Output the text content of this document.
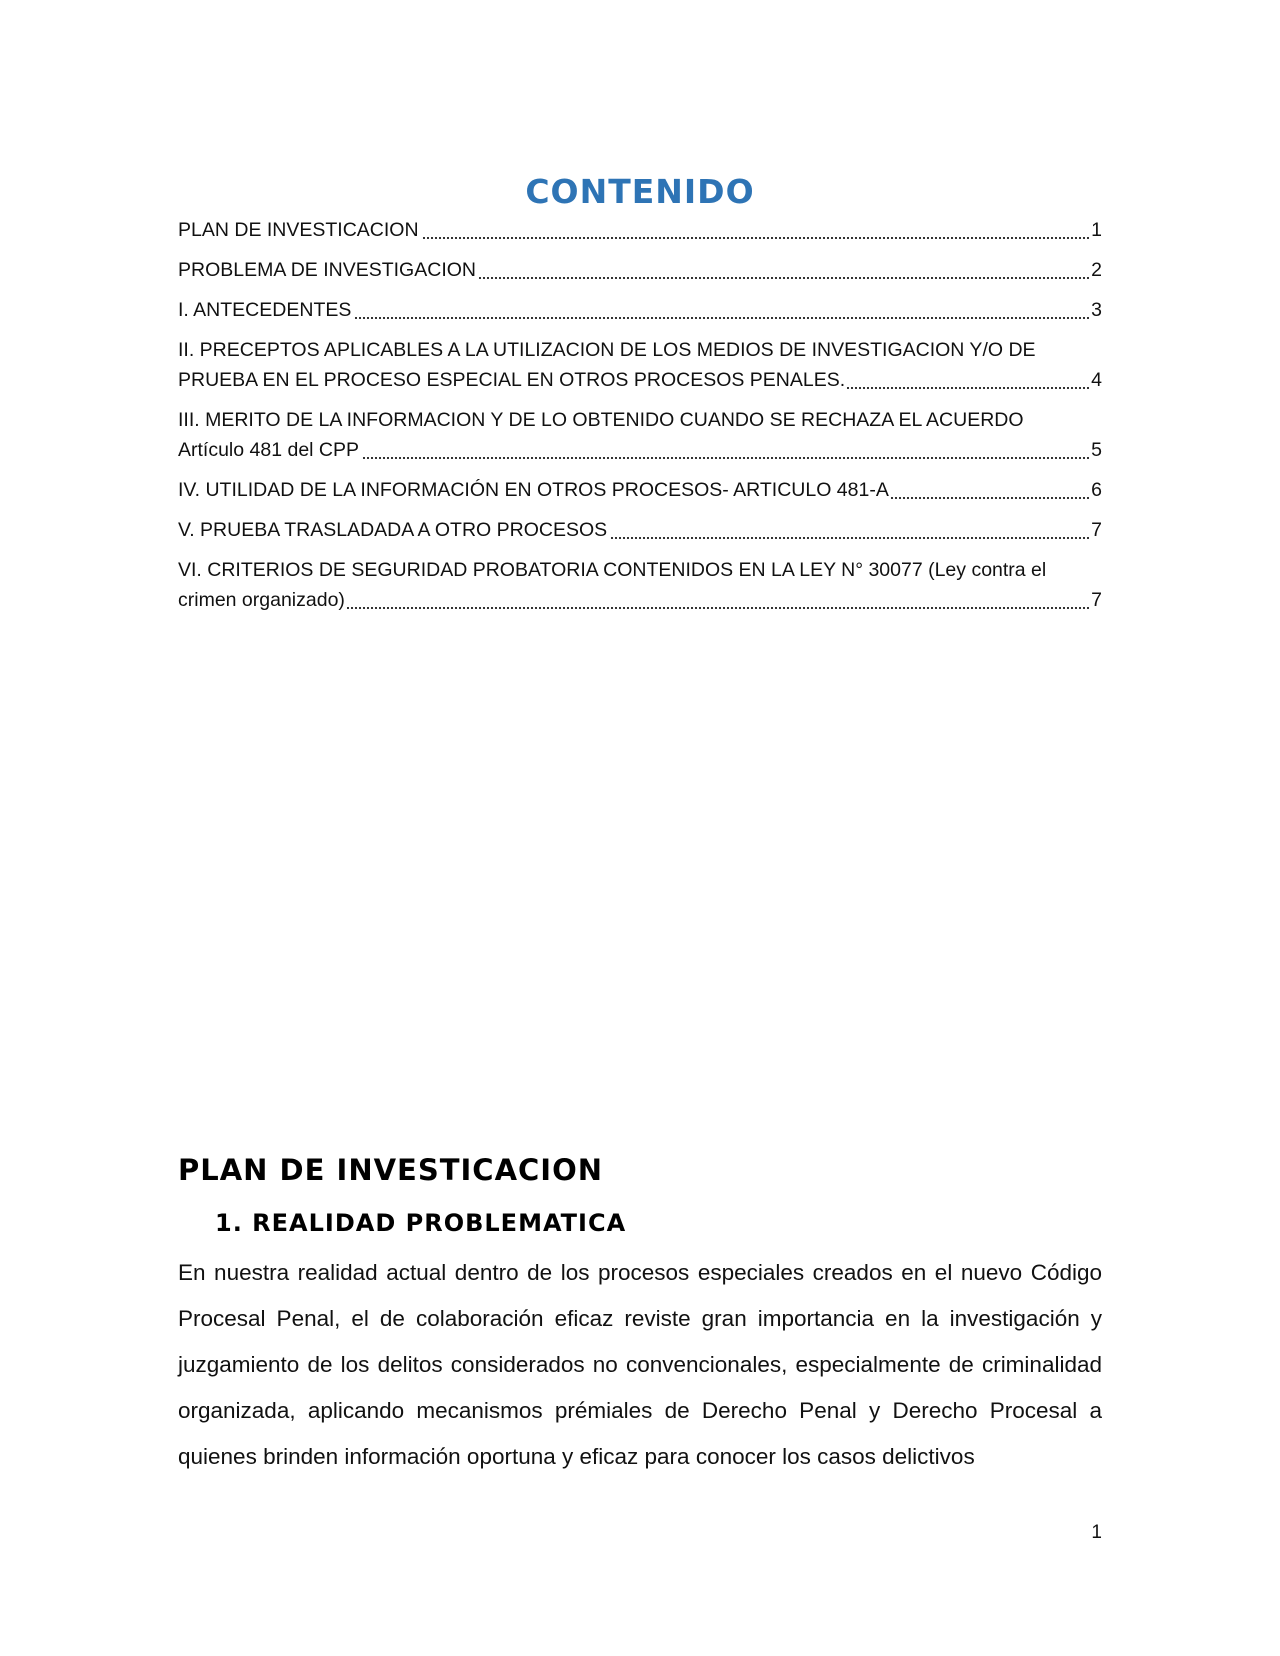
CONTENIDO
PLAN DE INVESTICACION	1
PROBLEMA DE INVESTIGACION	2
I. ANTECEDENTES	3
II. PRECEPTOS APLICABLES A LA UTILIZACION DE LOS MEDIOS DE INVESTIGACION Y/O DE PRUEBA EN EL PROCESO ESPECIAL EN OTROS PROCESOS PENALES.	4
III. MERITO DE LA INFORMACION Y DE LO OBTENIDO CUANDO SE RECHAZA EL ACUERDO Artículo 481 del CPP	5
IV. UTILIDAD DE LA INFORMACIÓN EN OTROS PROCESOS- ARTICULO 481-A	6
V. PRUEBA TRASLADADA A OTRO PROCESOS	7
VI. CRITERIOS DE SEGURIDAD PROBATORIA CONTENIDOS EN LA LEY N° 30077 (Ley contra el crimen organizado)	7
PLAN DE INVESTICACION
1. REALIDAD PROBLEMATICA

En nuestra realidad actual dentro de los procesos especiales creados en el nuevo Código Procesal Penal, el de colaboración eficaz reviste gran importancia en la investigación y juzgamiento de los delitos considerados no convencionales, especialmente de criminalidad organizada, aplicando mecanismos prémiales de Derecho Penal y Derecho Procesal a quienes brinden información oportuna y eficaz para conocer los casos delictivos

1
